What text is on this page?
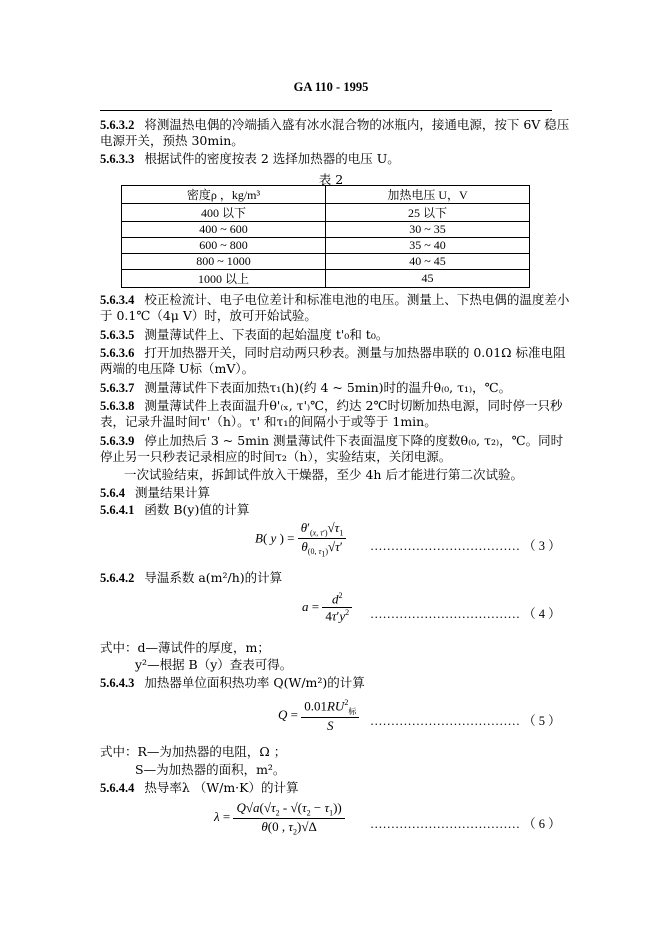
GA 110 - 1995
5.6.3.2 将测温热电偶的冷端插入盛有冰水混合物的冰瓶内，接通电源，按下 6V 稳压电源开关，预热 30min。
5.6.3.3 根据试件的密度按表 2 选择加热器的电压 U。
表 2
密度ρ ，kg/m³	加热电压 U，V
400 以下	25 以下
400 ~ 600	30 ~ 35
600 ~ 800	35 ~ 40
800 ~ 1000	40 ~ 45
1000 以上	45
5.6.3.4 校正检流计、电子电位差计和标准电池的电压。测量上、下热电偶的温度差小于 0.1℃（4μ V）时，放可开始试验。
5.6.3.5 测量薄试件上、下表面的起始温度 t'₀和 t₀。
5.6.3.6 打开加热器开关，同时启动两只秒表。测量与加热器串联的 0.01Ω 标准电阻两端的电压降 U标（mV）。
5.6.3.7 测量薄试件下表面加热τ₁(h)(约 4 ~ 5min)时的温升θ₍₀, τ₁₎，℃。
5.6.3.8 测量薄试件上表面温升θ'₍ₓ, τ'₎℃，约达 2℃时切断加热电源，同时停一只秒表，记录升温时间τ'（h）。τ' 和τ₁的间隔小于或等于 1min。
5.6.3.9 停止加热后 3 ~ 5min 测量薄试件下表面温度下降的度数θ₍₀, τ₂₎，℃。同时停止另一只秒表记录相应的时间τ₂（h），实验结束，关闭电源。
一次试验结束，拆卸试件放入干燥器，至少 4h 后才能进行第二次试验。
5.6.4 测量结果计算
5.6.4.1 函数 B(y)值的计算
B( y ) = $\frac{\theta'_{(x, \tau')}√\tau_1}{\theta_{(0, \tau_1)}√\tau'}$ ……………………………… （ 3 ）
5.6.4.2 导温系数 a(m²/h)的计算
$a = \frac{d^2}{4\tau'y^2}$ ……………………………… （ 4 ）
式中：d—薄试件的厚度，m；
y²—根据 B（y）查表可得。
5.6.4.3 加热器单位面积热功率 Q(W/m²)的计算
$Q = \frac{0.01RU^2_标}{S}$ ……………………………… （ 5 ）
式中：R—为加热器的电阻，Ω ；
S—为加热器的面积，m²。
5.6.4.4 热导率λ （W/m·K）的计算
$\lambda = \frac{Q√a(√\tau_2 - √(\tau_2 - \tau_1))}{\theta(0 , \tau_2)√\Delta}$ ……………………………… （ 6 ）
